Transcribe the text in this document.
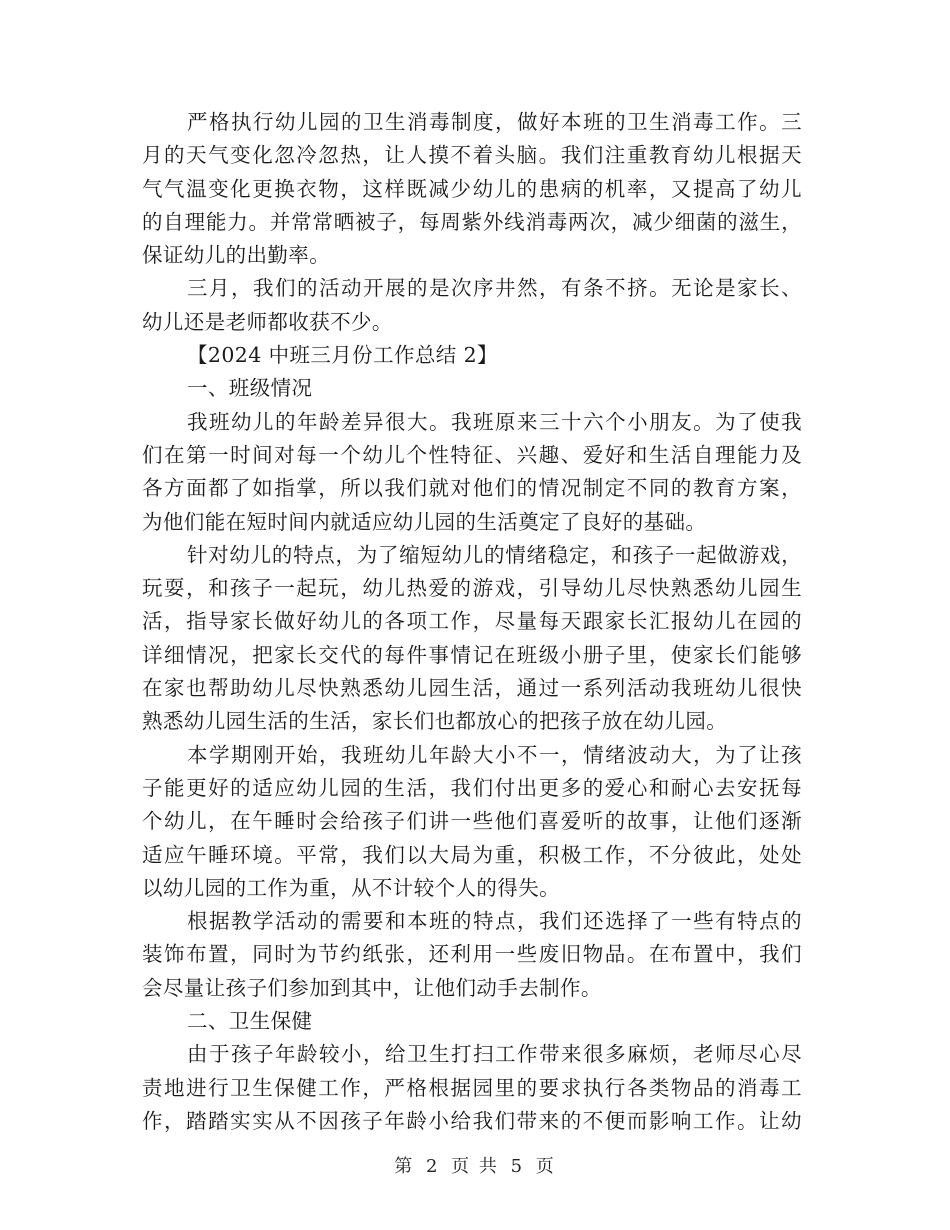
严格执行幼儿园的卫生消毒制度，做好本班的卫生消毒工作。三
月的天气变化忽冷忽热，让人摸不着头脑。我们注重教育幼儿根据天
气气温变化更换衣物，这样既减少幼儿的患病的机率，又提高了幼儿
的自理能力。并常常晒被子，每周紫外线消毒两次，减少细菌的滋生，
保证幼儿的出勤率。
三月，我们的活动开展的是次序井然，有条不挤。无论是家长、
幼儿还是老师都收获不少。
【2024 中班三月份工作总结 2】
一、班级情况
我班幼儿的年龄差异很大。我班原来三十六个小朋友。为了使我
们在第一时间对每一个幼儿个性特征、兴趣、爱好和生活自理能力及
各方面都了如指掌，所以我们就对他们的情况制定不同的教育方案，
为他们能在短时间内就适应幼儿园的生活奠定了良好的基础。
针对幼儿的特点，为了缩短幼儿的情绪稳定，和孩子一起做游戏，
玩耍，和孩子一起玩，幼儿热爱的游戏，引导幼儿尽快熟悉幼儿园生
活，指导家长做好幼儿的各项工作，尽量每天跟家长汇报幼儿在园的
详细情况，把家长交代的每件事情记在班级小册子里，使家长们能够
在家也帮助幼儿尽快熟悉幼儿园生活，通过一系列活动我班幼儿很快
熟悉幼儿园生活的生活，家长们也都放心的把孩子放在幼儿园。
本学期刚开始，我班幼儿年龄大小不一，情绪波动大，为了让孩
子能更好的适应幼儿园的生活，我们付出更多的爱心和耐心去安抚每
个幼儿，在午睡时会给孩子们讲一些他们喜爱听的故事，让他们逐渐
适应午睡环境。平常，我们以大局为重，积极工作，不分彼此，处处
以幼儿园的工作为重，从不计较个人的得失。
根据教学活动的需要和本班的特点，我们还选择了一些有特点的
装饰布置，同时为节约纸张，还利用一些废旧物品。在布置中，我们
会尽量让孩子们参加到其中，让他们动手去制作。
二、卫生保健
由于孩子年龄较小，给卫生打扫工作带来很多麻烦，老师尽心尽
责地进行卫生保健工作，严格根据园里的要求执行各类物品的消毒工
作，踏踏实实从不因孩子年龄小给我们带来的不便而影响工作。让幼
第 2 页 共 5 页
